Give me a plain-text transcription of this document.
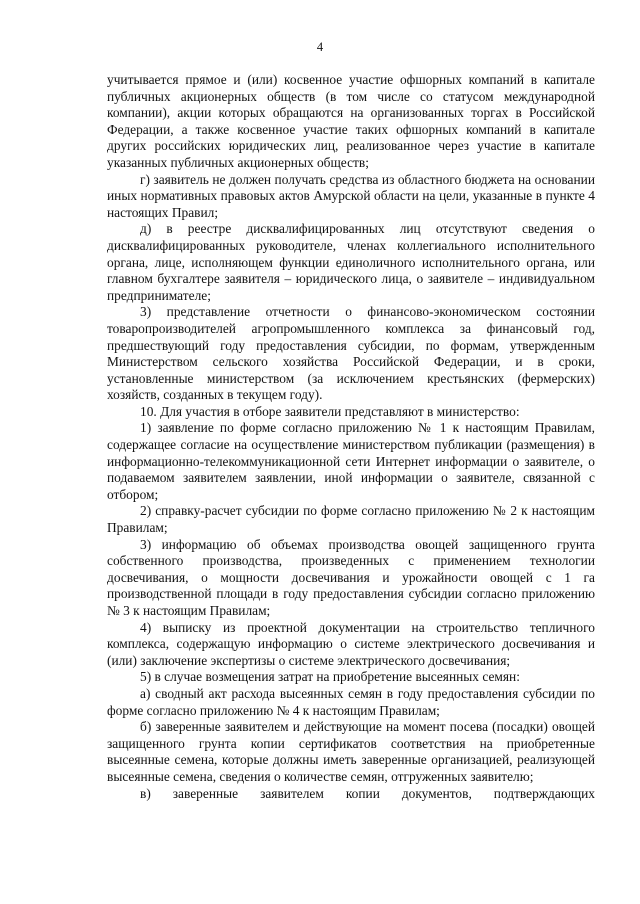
4

учитывается прямое и (или) косвенное участие офшорных компаний в капитале публичных акционерных обществ (в том числе со статусом международной компании), акции которых обращаются на организованных торгах в Российской Федерации, а также косвенное участие таких офшорных компаний в капитале других российских юридических лиц, реализованное через участие в капитале указанных публичных акционерных обществ;

г) заявитель не должен получать средства из областного бюджета на основании иных нормативных правовых актов Амурской области на цели, указанные в пункте 4 настоящих Правил;

д) в реестре дисквалифицированных лиц отсутствуют сведения о дисквалифицированных руководителе, членах коллегиального исполнительного органа, лице, исполняющем функции единоличного исполнительного органа, или главном бухгалтере заявителя – юридического лица, о заявителе – индивидуальном предпринимателе;

3) представление отчетности о финансово-экономическом состоянии товаропроизводителей агропромышленного комплекса за финансовый год, предшествующий году предоставления субсидии, по формам, утвержденным Министерством сельского хозяйства Российской Федерации, и в сроки, установленные министерством (за исключением крестьянских (фермерских) хозяйств, созданных в текущем году).

10. Для участия в отборе заявители представляют в министерство:

1) заявление по форме согласно приложению № 1 к настоящим Правилам, содержащее согласие на осуществление министерством публикации (размещения) в информационно-телекоммуникационной сети Интернет информации о заявителе, о подаваемом заявителем заявлении, иной информации о заявителе, связанной с отбором;

2) справку-расчет субсидии по форме согласно приложению № 2 к настоящим Правилам;

3) информацию об объемах производства овощей защищенного грунта собственного производства, произведенных с применением технологии досвечивания, о мощности досвечивания и урожайности овощей с 1 га производственной площади в году предоставления субсидии согласно приложению № 3 к настоящим Правилам;

4) выписку из проектной документации на строительство тепличного комплекса, содержащую информацию о системе электрического досвечивания и (или) заключение экспертизы о системе электрического досвечивания;

5) в случае возмещения затрат на приобретение высеянных семян:

а) сводный акт расхода высеянных семян в году предоставления субсидии по форме согласно приложению № 4 к настоящим Правилам;

б) заверенные заявителем и действующие на момент посева (посадки) овощей защищенного грунта копии сертификатов соответствия на приобретенные высеянные семена, которые должны иметь заверенные организацией, реализующей высеянные семена, сведения о количестве семян, отгруженных заявителю;

в) заверенные заявителем копии документов, подтверждающих
